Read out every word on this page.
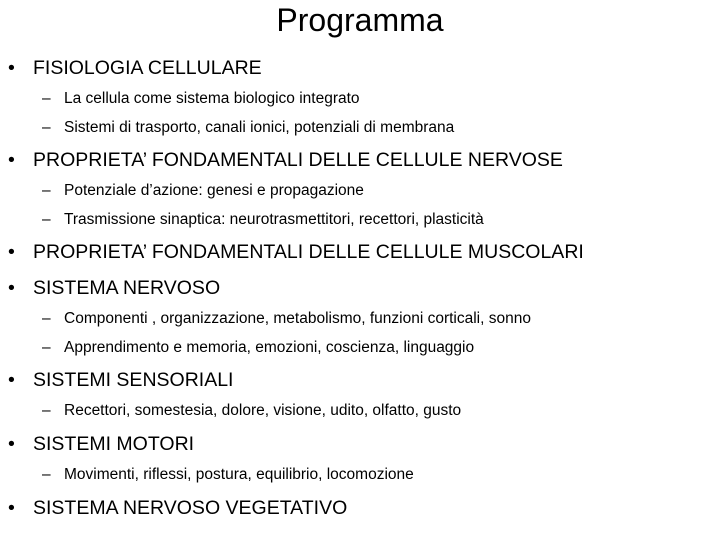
Programma
• FISIOLOGIA CELLULARE
– La cellula come sistema biologico integrato
– Sistemi di trasporto, canali ionici, potenziali di membrana
• PROPRIETA’ FONDAMENTALI DELLE CELLULE NERVOSE
– Potenziale d’azione: genesi e propagazione
– Trasmissione sinaptica: neurotrasmettitori, recettori, plasticità
• PROPRIETA’ FONDAMENTALI DELLE CELLULE MUSCOLARI
• SISTEMA NERVOSO
– Componenti , organizzazione, metabolismo, funzioni corticali, sonno
– Apprendimento e memoria, emozioni, coscienza, linguaggio
• SISTEMI SENSORIALI
– Recettori, somestesia, dolore, visione, udito, olfatto, gusto
• SISTEMI MOTORI
– Movimenti, riflessi, postura, equilibrio, locomozione
• SISTEMA NERVOSO VEGETATIVO
